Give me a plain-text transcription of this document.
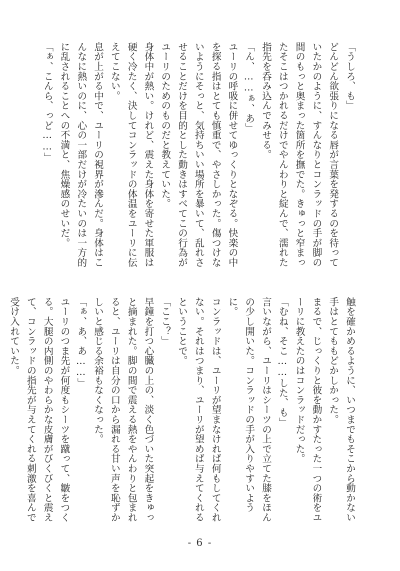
「うしろ、も」

どんどん欲張りになる唇が言葉を発するのを待っていたかのように、すんなりとコンラッドの手が脚の間のもっと奥まった箇所を撫でた。きゅっと窄まったそこはつかれるだけでやんわりと綻んで、濡れた指先を呑み込んでみせる。

「ん、……ぁ、あ」

ユーリの呼吸に併せてゆっくりとなぞる。快楽の中を探る指はとても慎重で、やさしかった。傷つけないようにそっと、気持ちいい場所を暴いて、乱れさせることだけを目的とした動きはすべてこの行為がユーリのためのものだと教えていた。

身体中が熱い。けれど、震えた身体を寄せた軍服は硬く冷たく、決してコンラッドの体温をユーリに伝えてこない。

息が上がる中で、ユーリの視界が滲んだ。身体はこんなに熱いのに、心の一部だけが冷たいのは一方的に乱されることへの不満と、焦燥感のせいだ。

「ぁ、こんら、っど……」

触を確かめるように、いつまでもそこから動かない手はとてももどかしかった。

まるで、じっくりと彼を動かすたった一つの術をユーリに教えたのはコンラッドだった。

「むね、そこ……した、も」

言いながら、ユーリはシーツの上で立てた膝をほんの少し開いた。コンラッドの手が入りやすいように。

コンラッドは、ユーリが望まなければ何もしてくれない。それはつまり、ユーリが望めば与えてくれるということで。

「ここ？」

早鐘を打つ心臓の上の、淡く色づいた突起をきゅっと摘まれた。脚の間で震える熱をやんわりと包まれると、ユーリは自分の口から漏れる甘い声を恥ずかしいと感じる余裕もなくなった。

「ぁ、あ、あ……」

ユーリのつま先が何度もシーツを蹴って、皺をつくる。大腿の内側のやわらかな皮膚がびくびくと震えて、コンラッドの指先が与えてくれる刺激を喜んで受け入れていた。

- 6 -
